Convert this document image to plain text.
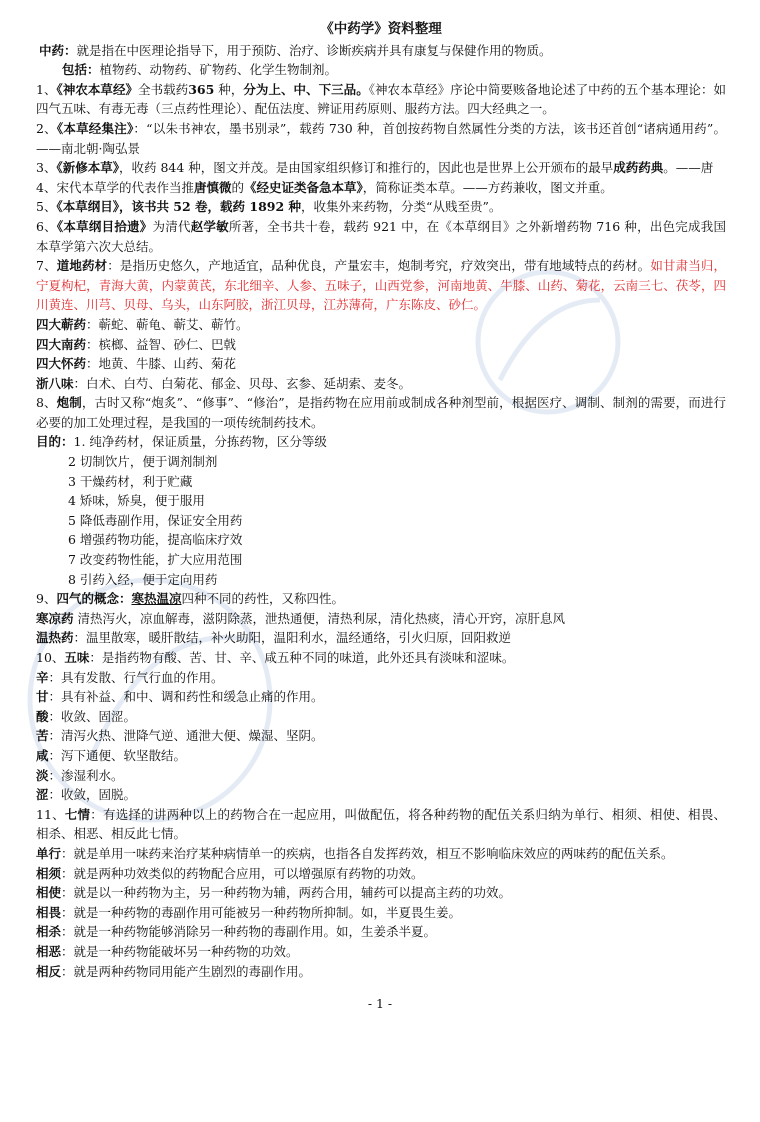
《中药学》资料整理

中药：就是指在中医理论指导下，用于预防、治疗、诊断疾病并具有康复与保健作用的物质。

包括：植物药、动物药、矿物药、化学生物制剂。

1、《神农本草经》全书载药365 种，分为上、中、下三品。《神农本草经》序论中简要赅备地论述了中药的五个基本理论：如四气五味、有毒无毒（三点药性理论）、配伍法度、辨证用药原则、服药方法。四大经典之一。

2、《本草经集注》：“以朱书神农，墨书别录”，载药 730 种，首创按药物自然属性分类的方法，该书还首创“诸病通用药”。——南北朝·陶弘景

3、《新修本草》，收药 844 种，图文并茂。是由国家组织修订和推行的，因此也是世界上公开颁布的最早成药药典。——唐

4、宋代本草学的代表作当推唐慎微的《经史证类备急本草》，简称证类本草。——方药兼收，图文并重。

5、《本草纲目》，该书共 52 卷，载药 1892 种，收集外来药物，分类“从贱至贵”。

6、《本草纲目拾遗》为清代赵学敏所著，全书共十卷，载药 921 中，在《本草纲目》之外新增药物 716 种，出色完成我国本草学第六次大总结。

7、道地药材：是指历史悠久，产地适宜，品种优良，产量宏丰，炮制考究，疗效突出，带有地域特点的药材。如甘肃当归，宁夏枸杞，青海大黄，内蒙黄芪，东北细辛、人参、五味子，山西党参，河南地黄、牛膝、山药、菊花，云南三七、茯苓，四川黄连、川芎、贝母、乌头，山东阿胶，浙江贝母，江苏薄荷，广东陈皮、砂仁。

四大蕲药：蕲蛇、蕲龟、蕲艾、蕲竹。

四大南药：槟榔、益智、砂仁、巴戟

四大怀药：地黄、牛膝、山药、菊花

浙八味：白术、白芍、白菊花、郁金、贝母、玄参、延胡索、麦冬。

8、炮制，古时又称“炮炙”、“修事”、“修治”，是指药物在应用前或制成各种剂型前，根据医疗、调制、制剂的需要，而进行必要的加工处理过程，是我国的一项传统制药技术。

目的：1. 纯净药材，保证质量，分拣药物，区分等级

2 切制饮片，便于调剂制剂

3 干燥药材，利于贮藏

4 矫味，矫臭，便于服用

5 降低毒副作用，保证安全用药

6 增强药物功能，提高临床疗效

7 改变药物性能，扩大应用范围

8 引药入经，便于定向用药

9、四气的概念：寒热温凉四种不同的药性，又称四性。

寒凉药 清热泻火，凉血解毒，滋阴除蒸，泄热通便，清热利尿，清化热痰，清心开窍，凉肝息风

温热药：温里散寒，暖肝散结，补火助阳，温阳利水，温经通络，引火归原，回阳救逆

10、五味：是指药物有酸、苦、甘、辛、咸五种不同的味道，此外还具有淡味和涩味。

辛：具有发散、行气行血的作用。

甘：具有补益、和中、调和药性和缓急止痛的作用。

酸：收敛、固涩。

苦：清泻火热、泄降气逆、通泄大便、燥湿、坚阴。

咸：泻下通便、软坚散结。

淡：渗湿利水。

涩：收敛，固脱。

11、七情：有选择的讲两种以上的药物合在一起应用，叫做配伍，将各种药物的配伍关系归纳为单行、相须、相使、相畏、相杀、相恶、相反此七情。

单行：就是单用一味药来治疗某种病情单一的疾病，也指各自发挥药效，相互不影响临床效应的两味药的配伍关系。

相须：就是两种功效类似的药物配合应用，可以增强原有药物的功效。

相使：就是以一种药物为主，另一种药物为辅，两药合用，辅药可以提高主药的功效。

相畏：就是一种药物的毒副作用可能被另一种药物所抑制。如，半夏畏生姜。

相杀：就是一种药物能够消除另一种药物的毒副作用。如，生姜杀半夏。

相恶：就是一种药物能破坏另一种药物的功效。

相反：就是两种药物同用能产生剧烈的毒副作用。

- 1 -
